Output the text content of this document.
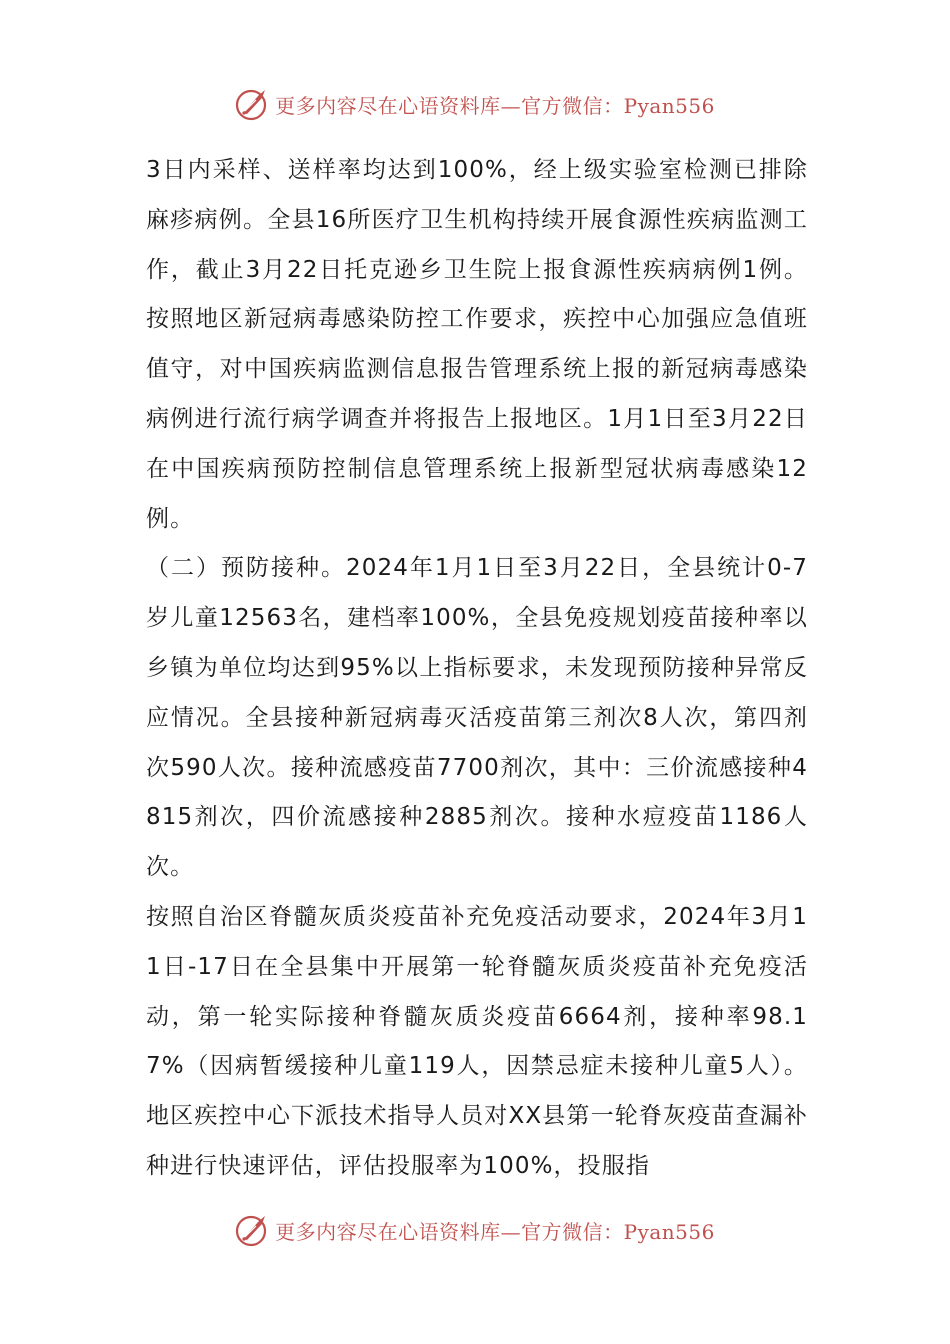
更多内容尽在心语资料库—官方微信：Pyan556

3日内采样、送样率均达到100%，经上级实验室检测已排除麻疹病例。全县16所医疗卫生机构持续开展食源性疾病监测工作，截止3月22日托克逊乡卫生院上报食源性疾病病例1例。按照地区新冠病毒感染防控工作要求，疾控中心加强应急值班值守，对中国疾病监测信息报告管理系统上报的新冠病毒感染病例进行流行病学调查并将报告上报地区。1月1日至3月22日在中国疾病预防控制信息管理系统上报新型冠状病毒感染12例。

（二）预防接种。2024年1月1日至3月22日，全县统计0-7岁儿童12563名，建档率100%，全县免疫规划疫苗接种率以乡镇为单位均达到95%以上指标要求，未发现预防接种异常反应情况。全县接种新冠病毒灭活疫苗第三剂次8人次，第四剂次590人次。接种流感疫苗7700剂次，其中：三价流感接种4815剂次，四价流感接种2885剂次。接种水痘疫苗1186人次。

按照自治区脊髓灰质炎疫苗补充免疫活动要求，2024年3月11日-17日在全县集中开展第一轮脊髓灰质炎疫苗补充免疫活动，第一轮实际接种脊髓灰质炎疫苗6664剂，接种率98.17%（因病暂缓接种儿童119人，因禁忌症未接种儿童5人）。地区疾控中心下派技术指导人员对XX县第一轮脊灰疫苗查漏补种进行快速评估，评估投服率为100%，投服指

更多内容尽在心语资料库—官方微信：Pyan556
